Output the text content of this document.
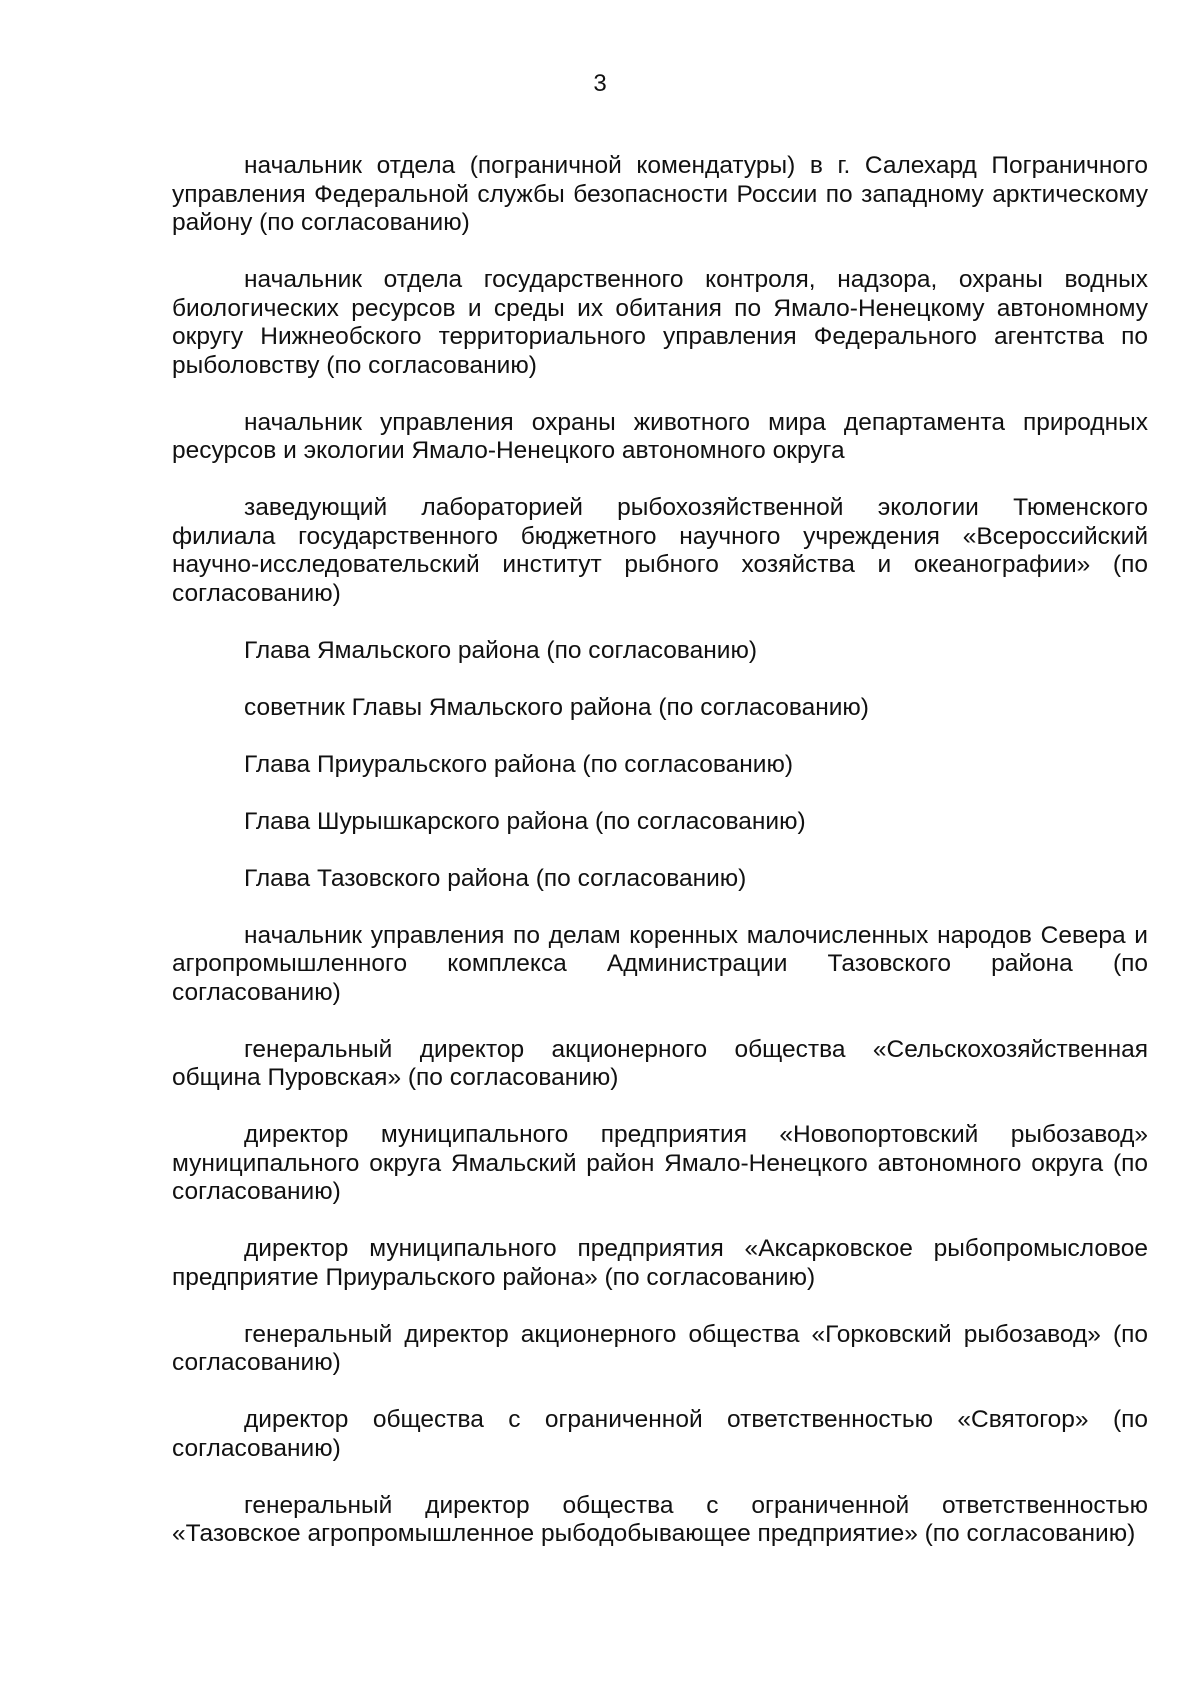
3

начальник отдела (пограничной комендатуры) в г. Салехард Пограничного управления Федеральной службы безопасности России по западному арктическому району (по согласованию)

начальник отдела государственного контроля, надзора, охраны водных биологических ресурсов и среды их обитания по Ямало-Ненецкому автономному округу Нижнеобского территориального управления Федерального агентства по рыболовству (по согласованию)

начальник управления охраны животного мира департамента природных ресурсов и экологии Ямало-Ненецкого автономного округа

заведующий лабораторией рыбохозяйственной экологии Тюменского филиала государственного бюджетного научного учреждения «Всероссийский научно-исследовательский институт рыбного хозяйства и океанографии» (по согласованию)

Глава Ямальского района (по согласованию)

советник Главы Ямальского района (по согласованию)

Глава Приуральского района (по согласованию)

Глава Шурышкарского района (по согласованию)

Глава Тазовского района (по согласованию)

начальник управления по делам коренных малочисленных народов Севера и агропромышленного комплекса Администрации Тазовского района (по согласованию)

генеральный директор акционерного общества «Сельскохозяйственная община Пуровская» (по согласованию)

директор муниципального предприятия «Новопортовский рыбозавод» муниципального округа Ямальский район Ямало-Ненецкого автономного округа (по согласованию)

директор муниципального предприятия «Аксарковское рыбопромысловое предприятие Приуральского района» (по согласованию)

генеральный директор акционерного общества «Горковский рыбозавод» (по согласованию)

директор общества с ограниченной ответственностью «Святогор» (по согласованию)

генеральный директор общества с ограниченной ответственностью «Тазовское агропромышленное рыбодобывающее предприятие» (по согласованию)
